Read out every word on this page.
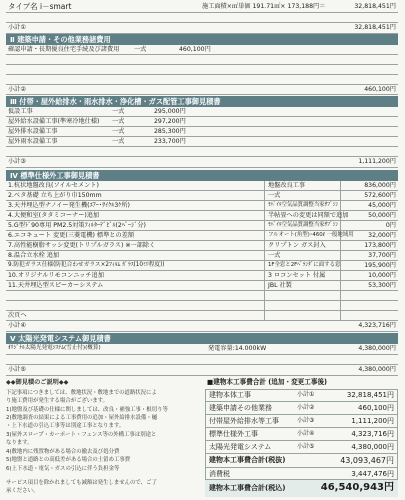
タイプ名 i－smart	施工面積×㎡単価 191.71㎡× 173,188円＝	32,818,451円
小計①	32,818,451円
Ⅱ 建築申請・その他業務諸費用
確認申請・長期優良住宅手続及び諸費用 一式	460,100円
小計②	460,100円
Ⅲ 付帯・屋外給排水・雨水排水・浄化槽・ガス配管工事御見積書
仮設工事	一式	295,000円
屋外給水設備工事(準寒冷地仕様) 一式	297,200円
屋外排水設備工事	一式	285,300円
屋外雨水設備工事	一式	233,700円
小計③	1,111,200円
Ⅳ 標準仕様外工事御見積書
1.杭状地盤改良(ソイルセメント)	地盤改良工事	836,000円
2.ベタ基礎 立ち上がり巾150mm	一式	572,600円
3.天井埋込型ナノイー発生機(ｴｱｰ･ｻｲｸﾙ3ｹ所)	ﾓﾊﾞｲﾙ空気品質調整当家ｻﾌﾞｼﾝ	45,000円
4.大便和室(タタミコーナー)追加	半帖畳への変更は同額で追加	50,000円
5.G型ﾄﾞ90専用 PM2.5対策ﾌｨﾙﾀｰﾃﾞﾋﾞﾙ(2ﾍﾟｰｼﾞ分)	ﾓﾊﾞｲﾙ空気品質調整当家ｻﾌﾞｼﾝ	0円
6.エコキュート 変更(三菱電機) 標準との差額	フルオート(角型)･460ℓ 一般地域用 32,000円
7.高性能樹脂サッシ変更(トリプルガラス) ※一部除く	クリプトン ガス封入	173,800円
8.温合立水栓 追加	一式	37,700円
9.防犯ガラス仕様(防犯合わせガラス×2ﾌｨﾙﾑ ｶﾞﾗｽ(10ﾐﾘ程度))	1F全窓と2Fﾍﾞﾗﾝﾀﾞに面する窓	195,900円
10.オリジナルリモコンニッチ追加	3 ロコンセット 付属	10,000円
11.天井埋込型スピーカーシステム	JBL 社製	53,300円
次頁へ
小計④	4,323,716円
Ⅴ 太陽光発電システム御見積書
ｵﾘｼﾞﾅﾙ太陽光発電ｼｽﾃﾑ(雪止付)(概算)	発電容量:14.000kW	4,380,000円
小計⑤	4,380,000円
◆◆御見積のご説明◆◆
下記事項につきましては、敷地状況・敷地までの道路状況によ
り施工費用が発生する場合がございます。
1)地盤及び基礎の仕様に関しましては、改良・補強工事・根切り等
2)敷地調査の結果による工事費用の追加・屋外給排水設備・樋
・上下水道の引込工事等は別途工事となります。
3)屋外スロープ・カーポート・フェンス等の外構工事は別途と
なります。
4)敷地内に残置物がある場合の撤去及び処分費
5)地盤と道路との高低差がある場合の土留め工事費
6)上下水道・電気・ガスの引込に伴う負担金等
サービス項目を除かれましても減額は発生しませんので、ご了
承ください。
■建物本工事費合計 (追加・変更工事後)
建物本体工事	小計①	32,818,451円
建築申請その他業務	小計②	460,100円
付帯屋外給排水等工事	小計③	1,111,200円
標準仕様外工事	小計④	4,323,716円
太陽光発電システム	小計⑤	4,380,000円
建物本工事費合計(税抜)	43,093,467円
消費税	3,447,476円
建物本工事費合計(税込)	46,540,943円
